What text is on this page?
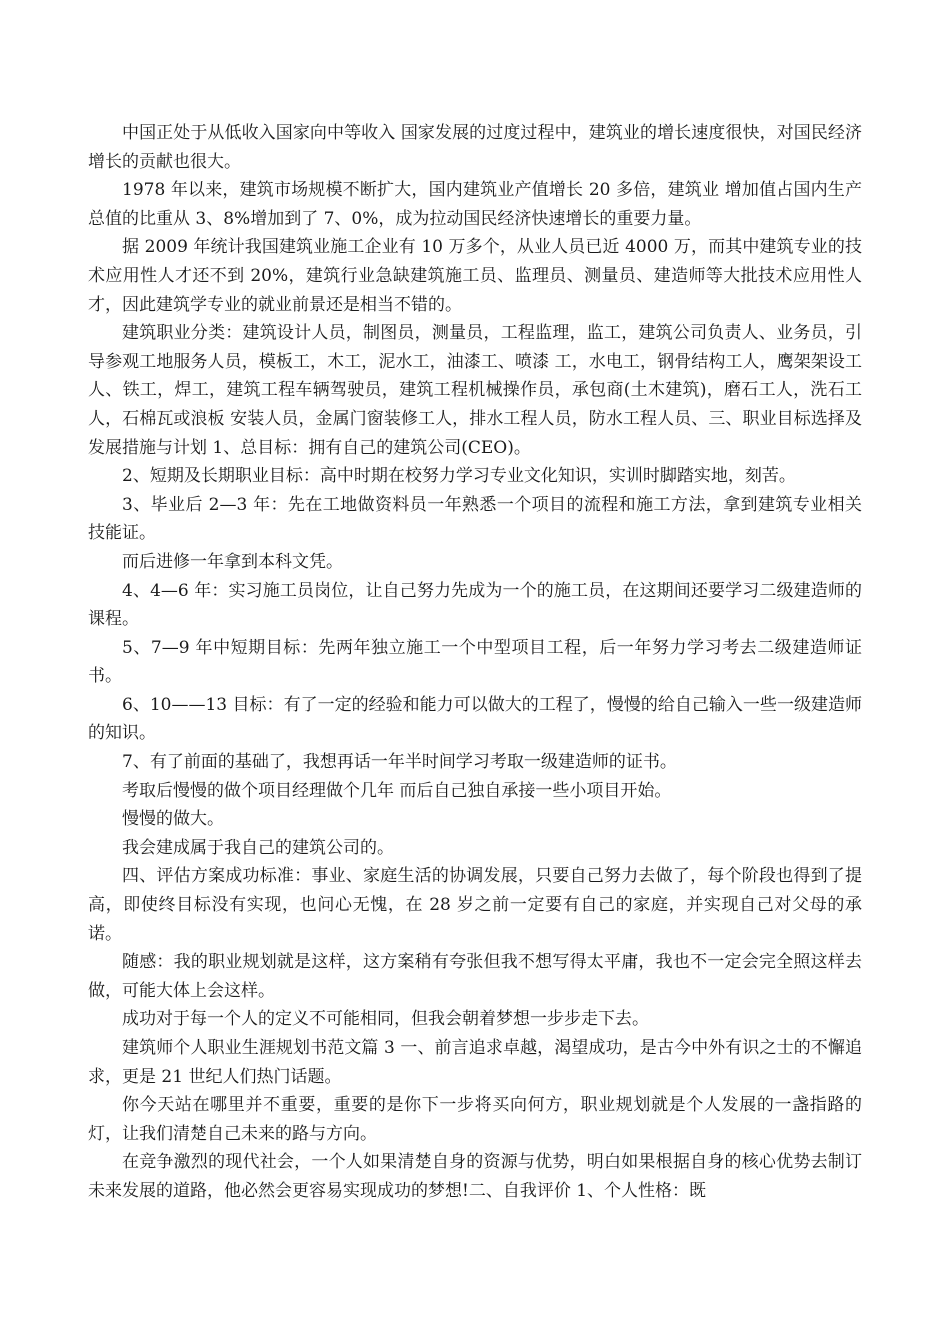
中国正处于从低收入国家向中等收入 国家发展的过度过程中，建筑业的增长速度很快，对国民经济增长的贡献也很大。

1978 年以来，建筑市场规模不断扩大，国内建筑业产值增长 20 多倍，建筑业 增加值占国内生产总值的比重从 3、8%增加到了 7、0%，成为拉动国民经济快速增长的重要力量。

据 2009 年统计我国建筑业施工企业有 10 万多个，从业人员已近 4000 万，而其中建筑专业的技术应用性人才还不到 20%，建筑行业急缺建筑施工员、监理员、测量员、建造师等大批技术应用性人才，因此建筑学专业的就业前景还是相当不错的。

建筑职业分类：建筑设计人员，制图员，测量员，工程监理，监工，建筑公司负责人、业务员，引导参观工地服务人员，模板工，木工，泥水工，油漆工、喷漆 工，水电工，钢骨结构工人，鹰架架设工人、铁工，焊工，建筑工程车辆驾驶员，建筑工程机械操作员，承包商(土木建筑)，磨石工人，洗石工人，石棉瓦或浪板 安装人员，金属门窗装修工人，排水工程人员，防水工程人员、三、职业目标选择及发展措施与计划 1、总目标：拥有自己的建筑公司(CEO)。

2、短期及长期职业目标：高中时期在校努力学习专业文化知识，实训时脚踏实地，刻苦。

3、毕业后 2—3 年：先在工地做资料员一年熟悉一个项目的流程和施工方法，拿到建筑专业相关技能证。

而后进修一年拿到本科文凭。

4、4—6 年：实习施工员岗位，让自己努力先成为一个的施工员，在这期间还要学习二级建造师的课程。

5、7—9 年中短期目标：先两年独立施工一个中型项目工程，后一年努力学习考去二级建造师证书。

6、10——13 目标：有了一定的经验和能力可以做大的工程了，慢慢的给自己输入一些一级建造师的知识。

7、有了前面的基础了，我想再话一年半时间学习考取一级建造师的证书。

考取后慢慢的做个项目经理做个几年 而后自己独自承接一些小项目开始。

慢慢的做大。

我会建成属于我自己的建筑公司的。

四、评估方案成功标准：事业、家庭生活的协调发展，只要自己努力去做了，每个阶段也得到了提高，即使终目标没有实现，也问心无愧，在 28 岁之前一定要有自己的家庭，并实现自己对父母的承诺。

随感：我的职业规划就是这样，这方案稍有夸张但我不想写得太平庸，我也不一定会完全照这样去做，可能大体上会这样。

成功对于每一个人的定义不可能相同，但我会朝着梦想一步步走下去。

建筑师个人职业生涯规划书范文篇 3 一、前言追求卓越，渴望成功，是古今中外有识之士的不懈追求，更是 21 世纪人们热门话题。

你今天站在哪里并不重要，重要的是你下一步将买向何方，职业规划就是个人发展的一盏指路的灯，让我们清楚自己未来的路与方向。

在竞争激烈的现代社会，一个人如果清楚自身的资源与优势，明白如果根据自身的核心优势去制订未来发展的道路，他必然会更容易实现成功的梦想!二、自我评价 1、个人性格：既
